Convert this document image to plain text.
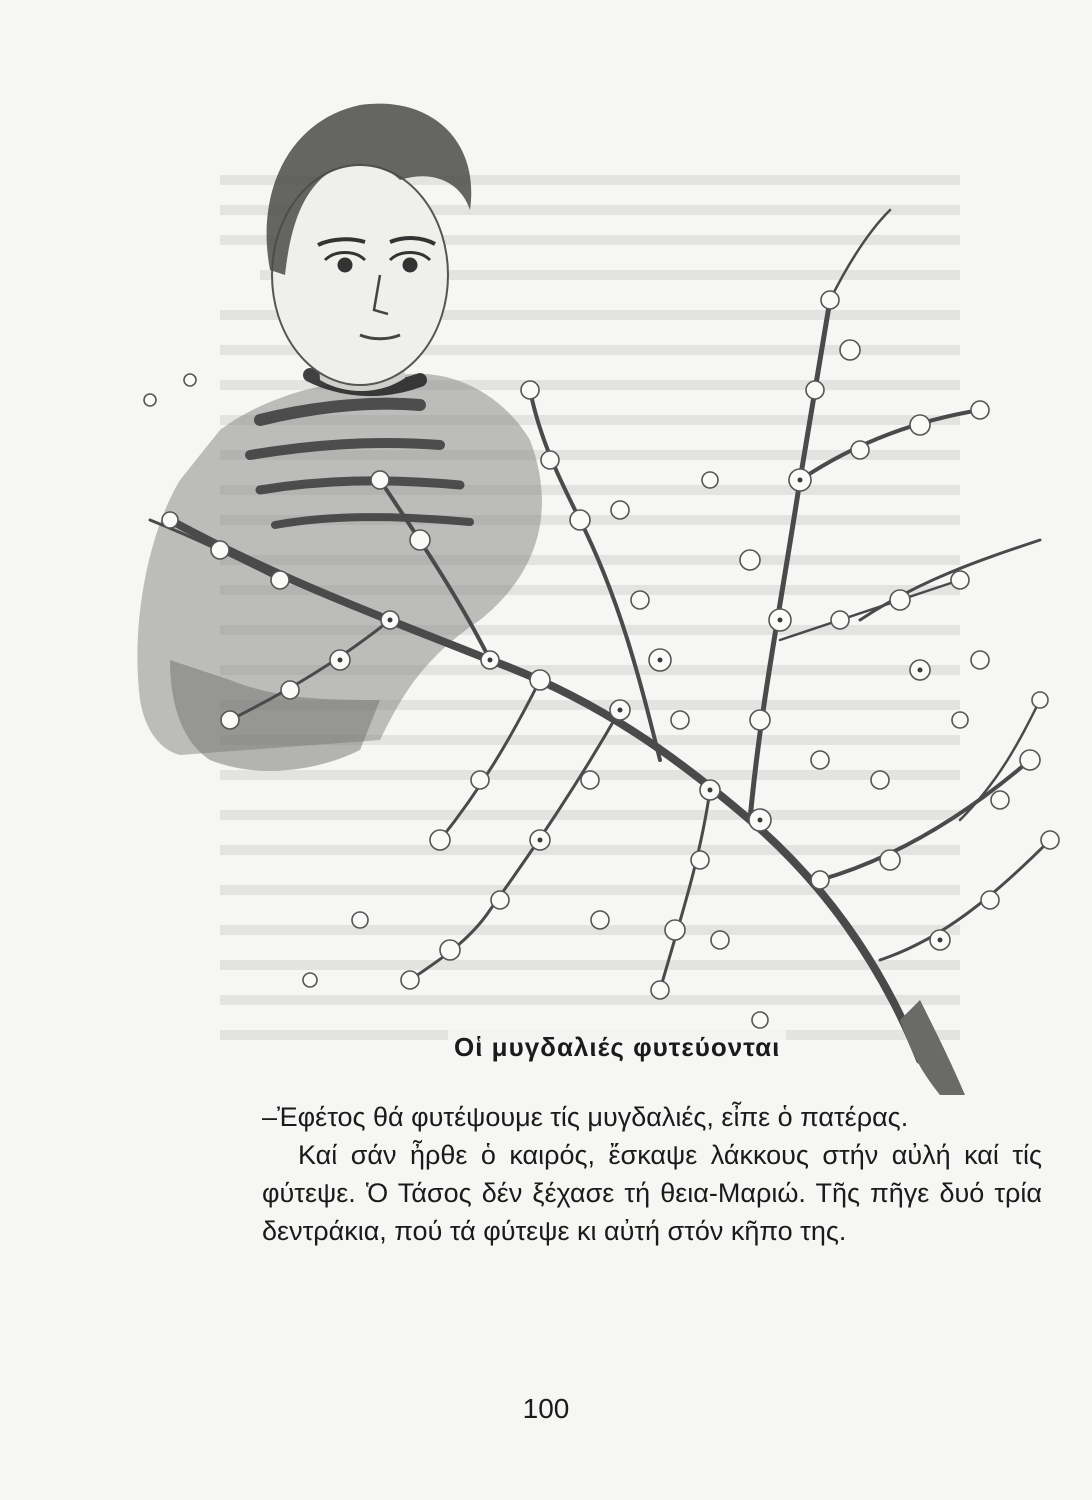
Οἱ μυγδαλιές φυτεύονται

–Ἐφέτος θά φυτέψουμε τίς μυγδαλιές, εἶπε ὁ πατέρας.

Καί σάν ἦρθε ὁ καιρός, ἔσκαψε λάκκους στήν αὐλή καί τίς φύτεψε. Ὁ Τάσος δέν ξέχασε τή θεια-Μαριώ. Τῆς πῆγε δυό τρία δεντράκια, πού τά φύτεψε κι αὐτή στόν κῆπο της.

100
